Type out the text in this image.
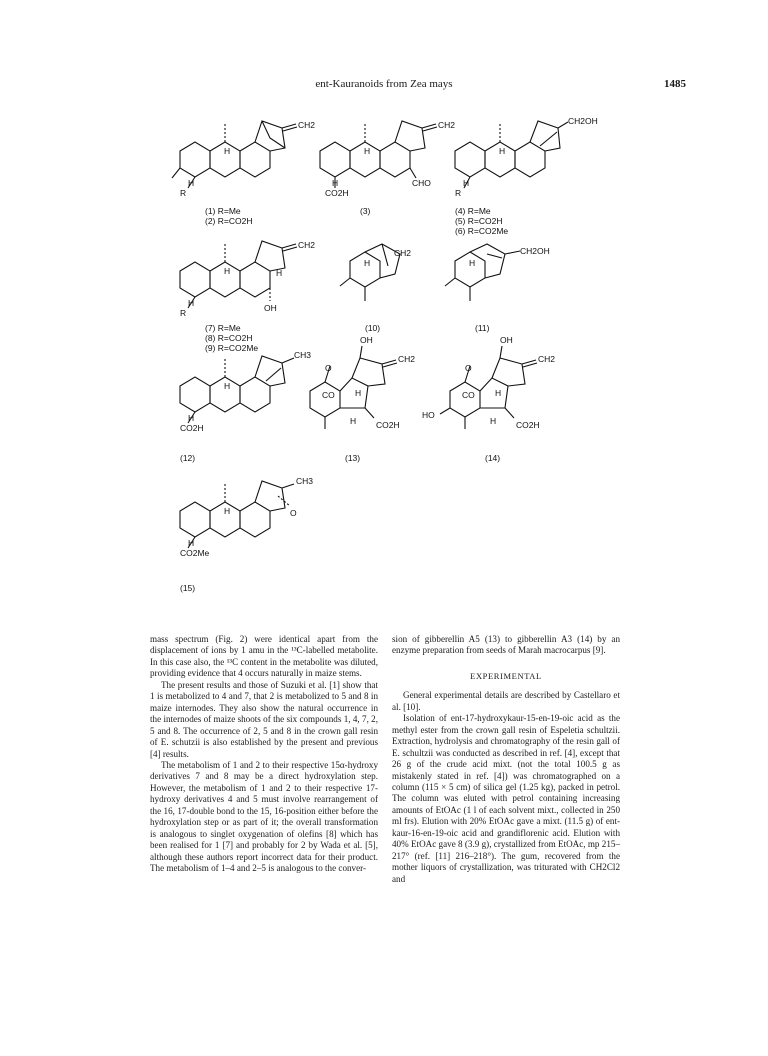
ent-Kauranoids from Zea mays	1485
H
CH2
H
R
(1) R=Me
(2) R=CO2H
H
CH2
CHO
H
CO2H
(3)
H
CH2OH
H
R
(4) R=Me
(5) R=CO2H
(6) R=CO2Me
H
CH2
H
OH
H
R
(7) R=Me
(8) R=CO2H
(9) R=CO2Me
H
CH2
(10)
H
CH2OH
(11)
H
CH3
H
CO2H
(12)
H
OH
CH2
O
CO
H CO2H
(13)
H
OH
CH2
O
CO
HO
H CO2H
(14)
H
CH3
O
H
CO2Me
(15)

mass spectrum (Fig. 2) were identical apart from the displacement of ions by 1 amu in the ¹³C-labelled metabolite. In this case also, the ¹³C content in the metabolite was diluted, providing evidence that 4 occurs naturally in maize stems.

The present results and those of Suzuki et al. [1] show that 1 is metabolized to 4 and 7, that 2 is metabolized to 5 and 8 in maize internodes. They also show the natural occurrence in the internodes of maize shoots of the six compounds 1, 4, 7, 2, 5 and 8. The occurrence of 2, 5 and 8 in the crown gall resin of E. schutzii is also established by the present and previous [4] results.

The metabolism of 1 and 2 to their respective 15α-hydroxy derivatives 7 and 8 may be a direct hydroxylation step. However, the metabolism of 1 and 2 to their respective 17-hydroxy derivatives 4 and 5 must involve rearrangement of the 16, 17-double bond to the 15, 16-position either before the hydroxylation step or as part of it; the overall transformation is analogous to singlet oxygenation of olefins [8] which has been realised for 1 [7] and probably for 2 by Wada et al. [5], although these authors report incorrect data for their product. The metabolism of 1–4 and 2–5 is analogous to the conver-

sion of gibberellin A5 (13) to gibberellin A3 (14) by an enzyme preparation from seeds of Marah macrocarpus [9].

EXPERIMENTAL

General experimental details are described by Castellaro et al. [10].

Isolation of ent-17-hydroxykaur-15-en-19-oic acid as the methyl ester from the crown gall resin of Espeletia schultzii. Extraction, hydrolysis and chromatography of the resin gall of E. schultzii was conducted as described in ref. [4], except that 26 g of the crude acid mixt. (not the total 100.5 g as mistakenly stated in ref. [4]) was chromatographed on a column (115 × 5 cm) of silica gel (1.25 kg), packed in petrol. The column was eluted with petrol containing increasing amounts of EtOAc (1 l of each solvent mixt., collected in 250 ml frs). Elution with 20% EtOAc gave a mixt. (11.5 g) of ent-kaur-16-en-19-oic acid and grandiflorenic acid. Elution with 40% EtOAc gave 8 (3.9 g), crystallized from EtOAc, mp 215–217° (ref. [11] 216–218°). The gum, recovered from the mother liquors of crystallization, was triturated with CH2Cl2 and
